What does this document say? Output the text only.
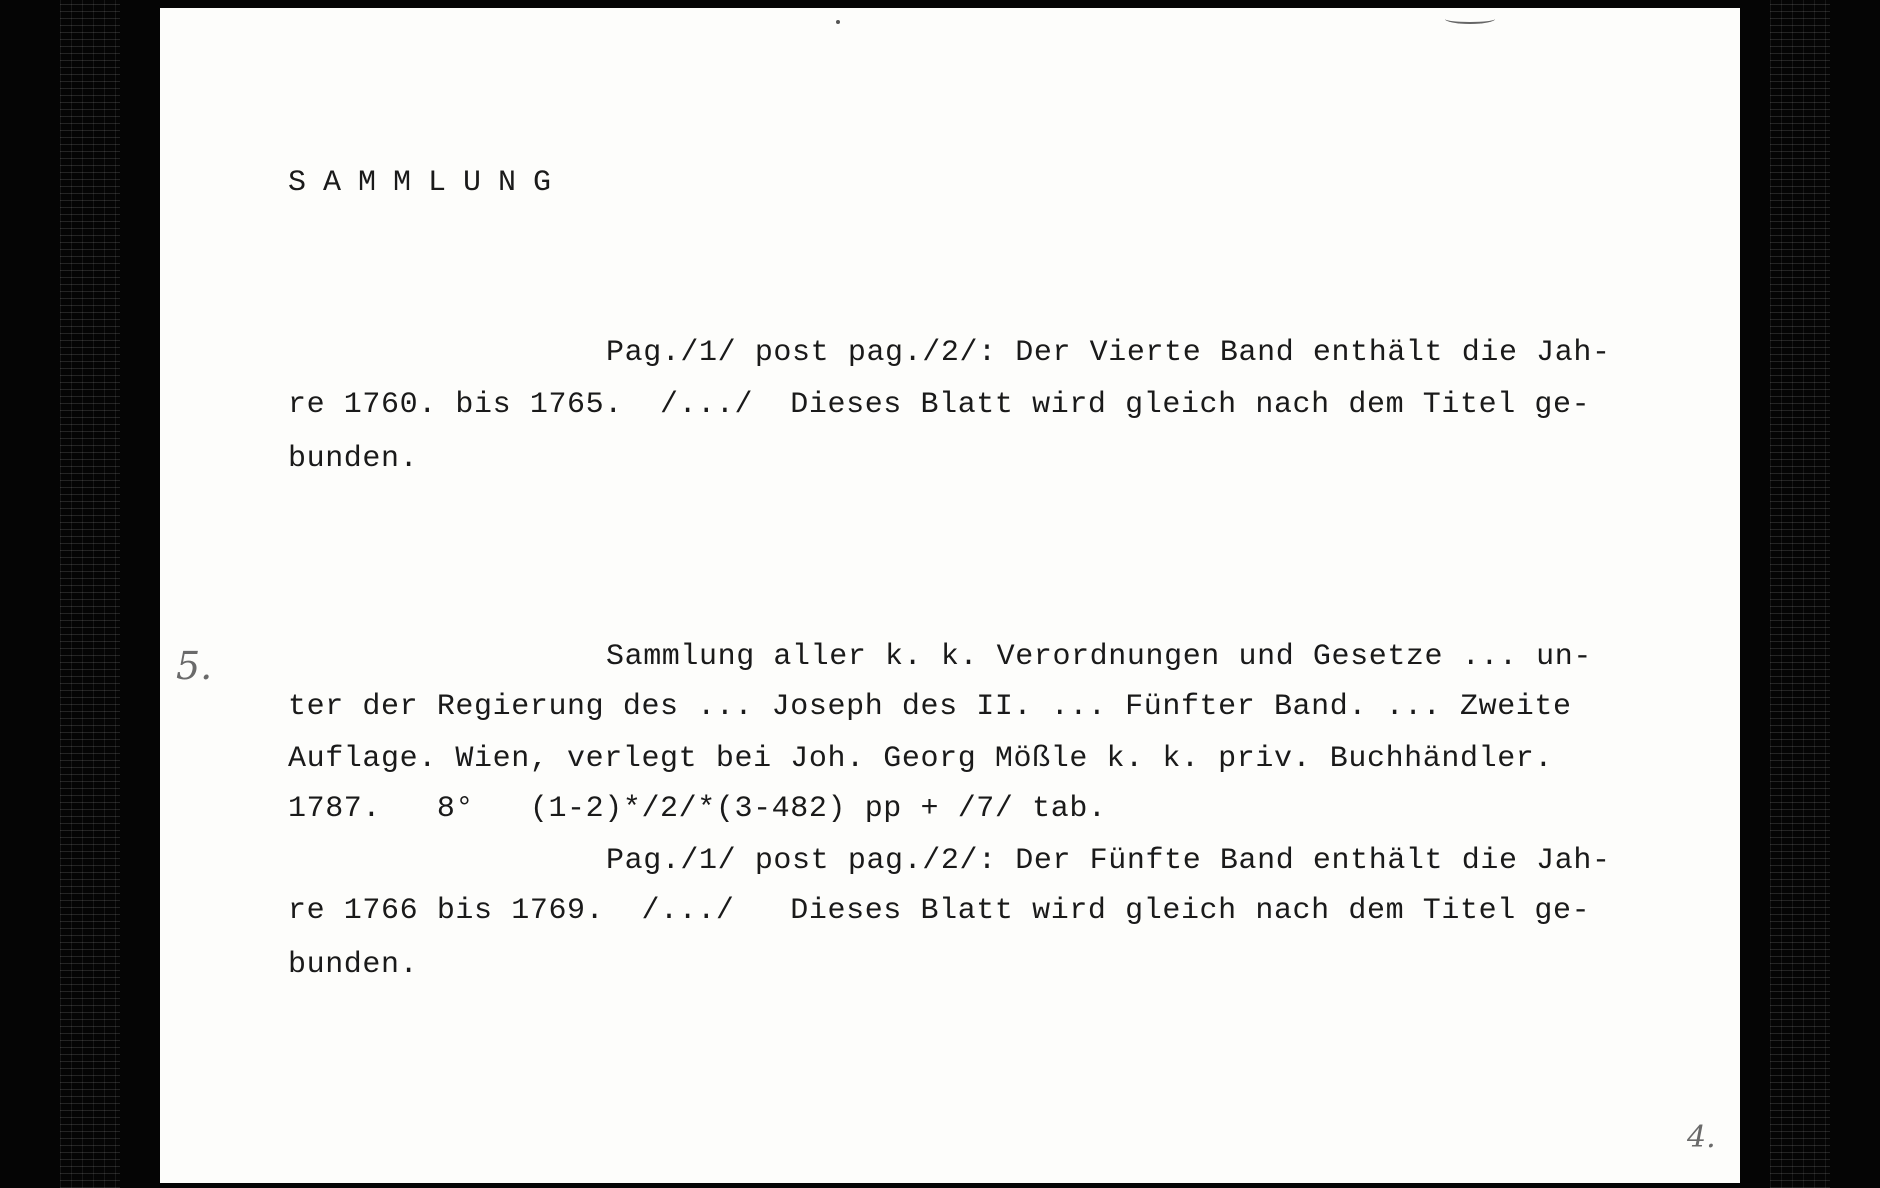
SAMMLUNG
Pag./1/ post pag./2/: Der Vierte Band enthält die Jah-
re 1760. bis 1765.  /.../  Dieses Blatt wird gleich nach dem Titel ge-
bunden.
5.	Sammlung aller k. k. Verordnungen und Gesetze ... un-
ter der Regierung des ... Joseph des II. ... Fünfter Band. ... Zweite
Auflage. Wien, verlegt bei Joh. Georg Mößle k. k. priv. Buchhändler.
1787.   8°   (1-2)*/2/*(3-482) pp + /7/ tab.
Pag./1/ post pag./2/: Der Fünfte Band enthält die Jah-
re 1766 bis 1769.  /.../   Dieses Blatt wird gleich nach dem Titel ge-
bunden.
4.
